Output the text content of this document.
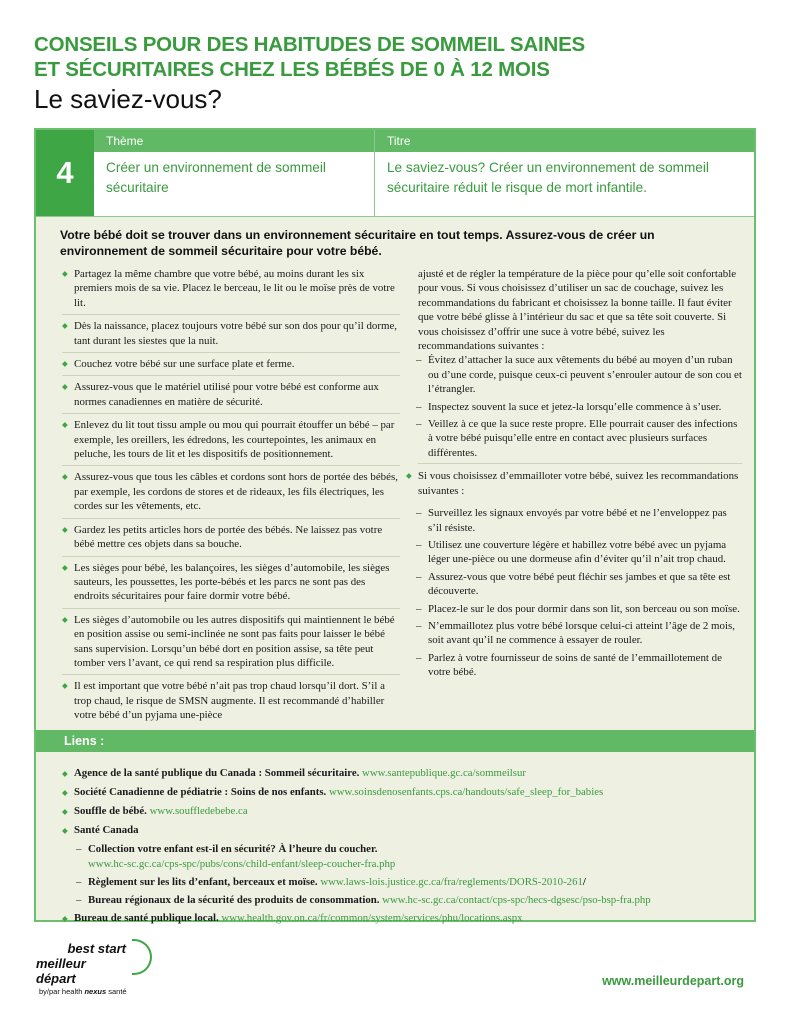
CONSEILS POUR DES HABITUDES DE SOMMEIL SAINES
ET SÉCURITAIRES CHEZ LES BÉBÉS DE 0 À 12 MOIS
Le saviez-vous?
4
Thème	Titre
Créer un environnement de sommeil sécuritaire
Le saviez-vous? Créer un environnement de sommeil sécuritaire réduit le risque de mort infantile.
Votre bébé doit se trouver dans un environnement sécuritaire en tout temps. Assurez-vous de créer un environnement de sommeil sécuritaire pour votre bébé.
◆ Partagez la même chambre que votre bébé, au moins durant les six premiers mois de sa vie. Placez le berceau, le lit ou le moïse près de votre lit.
◆ Dès la naissance, placez toujours votre bébé sur son dos pour qu’il dorme, tant durant les siestes que la nuit.
◆ Couchez votre bébé sur une surface plate et ferme.
◆ Assurez-vous que le matériel utilisé pour votre bébé est conforme aux normes canadiennes en matière de sécurité.
◆ Enlevez du lit tout tissu ample ou mou qui pourrait étouffer un bébé – par exemple, les oreillers, les édredons, les courtepointes, les animaux en peluche, les tours de lit et les dispositifs de positionnement.
◆ Assurez-vous que tous les câbles et cordons sont hors de portée des bébés, par exemple, les cordons de stores et de rideaux, les fils électriques, les cordes sur les vêtements, etc.
◆ Gardez les petits articles hors de portée des bébés. Ne laissez pas votre bébé mettre ces objets dans sa bouche.
◆ Les sièges pour bébé, les balançoires, les sièges d’automobile, les sièges sauteurs, les poussettes, les porte-bébés et les parcs ne sont pas des endroits sécuritaires pour faire dormir votre bébé.
◆ Les sièges d’automobile ou les autres dispositifs qui maintiennent le bébé en position assise ou semi-inclinée ne sont pas faits pour laisser le bébé sans supervision. Lorsqu’un bébé dort en position assise, sa tête peut tomber vers l’avant, ce qui rend sa respiration plus difficile.
◆ Il est important que votre bébé n’ait pas trop chaud lorsqu’il dort. S’il a trop chaud, le risque de SMSN augmente. Il est recommandé d’habiller votre bébé d’un pyjama une-pièce
ajusté et de régler la température de la pièce pour qu’elle soit confortable pour vous. Si vous choisissez d’utiliser un sac de couchage, suivez les recommandations du fabricant et choisissez la bonne taille. Il faut éviter que votre bébé glisse à l’intérieur du sac et que sa tête soit couverte. Si vous choisissez d’offrir une suce à votre bébé, suivez les recommandations suivantes :
– Évitez d’attacher la suce aux vêtements du bébé au moyen d’un ruban ou d’une corde, puisque ceux-ci peuvent s’enrouler autour de son cou et l’étrangler.
– Inspectez souvent la suce et jetez-la lorsqu’elle commence à s’user.
– Veillez à ce que la suce reste propre. Elle pourrait causer des infections à votre bébé puisqu’elle entre en contact avec plusieurs surfaces différentes.
◆ Si vous choisissez d’emmailloter votre bébé, suivez les recommandations suivantes :
– Surveillez les signaux envoyés par votre bébé et ne l’enveloppez pas s’il résiste.
– Utilisez une couverture légère et habillez votre bébé avec un pyjama léger une-pièce ou une dormeuse afin d’éviter qu’il n’ait trop chaud.
– Assurez-vous que votre bébé peut fléchir ses jambes et que sa tête est découverte.
– Placez-le sur le dos pour dormir dans son lit, son berceau ou son moïse.
– N’emmaillotez plus votre bébé lorsque celui-ci atteint l’âge de 2 mois, soit avant qu’il ne commence à essayer de rouler.
– Parlez à votre fournisseur de soins de santé de l’emmaillotement de votre bébé.
Liens :
◆ Agence de la santé publique du Canada : Sommeil sécuritaire. www.santepublique.gc.ca/sommeilsur
◆ Société Canadienne de pédiatrie : Soins de nos enfants. www.soinsdenosenfants.cps.ca/handouts/safe_sleep_for_babies
◆ Souffle de bébé. www.souffledebebe.ca
◆ Santé Canada
– Collection votre enfant est-il en sécurité? À l’heure du coucher.
www.hc-sc.gc.ca/cps-spc/pubs/cons/child-enfant/sleep-coucher-fra.php
– Règlement sur les lits d’enfant, berceaux et moïse. www.laws-lois.justice.gc.ca/fra/reglements/DORS-2010-261/
– Bureau régionaux de la sécurité des produits de consommation. www.hc-sc.gc.ca/contact/cps-spc/hecs-dgsesc/pso-bsp-fra.php
◆ Bureau de santé publique local. www.health.gov.on.ca/fr/common/system/services/phu/locations.aspx
best start
meilleur départ
by/par health nexus santé
www.meilleurdepart.org
